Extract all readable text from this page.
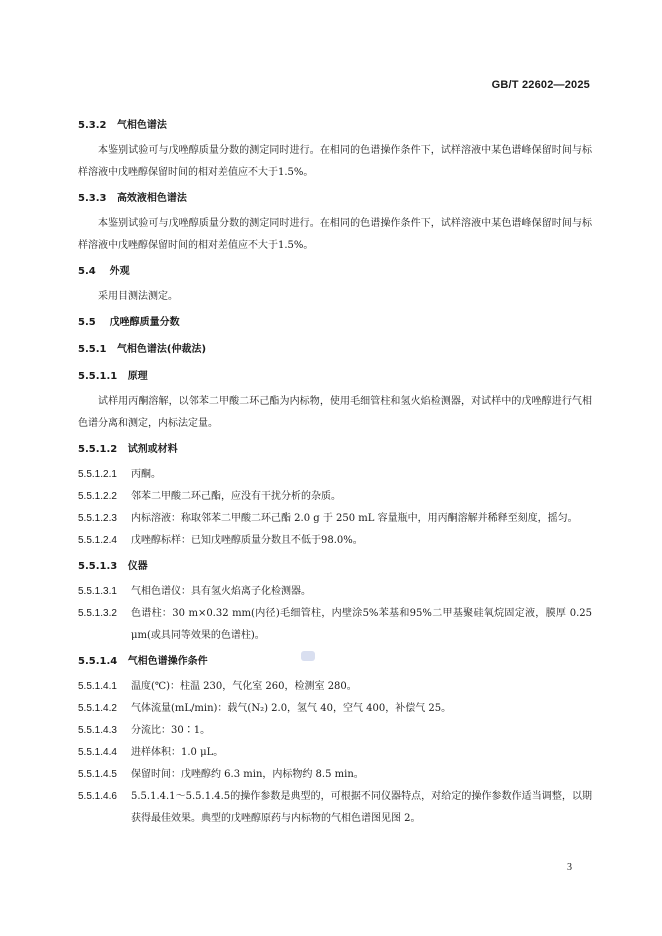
GB/T 22602—2025

5.3.2 气相色谱法

本鉴别试验可与戊唑醇质量分数的测定同时进行。在相同的色谱操作条件下，试样溶液中某色谱峰保留时间与标样溶液中戊唑醇保留时间的相对差值应不大于1.5%。

5.3.3 高效液相色谱法

本鉴别试验可与戊唑醇质量分数的测定同时进行。在相同的色谱操作条件下，试样溶液中某色谱峰保留时间与标样溶液中戊唑醇保留时间的相对差值应不大于1.5%。

5.4 外观

采用目测法测定。

5.5 戊唑醇质量分数

5.5.1 气相色谱法(仲裁法)

5.5.1.1 原理

试样用丙酮溶解，以邻苯二甲酸二环己酯为内标物，使用毛细管柱和氢火焰检测器，对试样中的戊唑醇进行气相色谱分离和测定，内标法定量。

5.5.1.2 试剂或材料

5.5.1.2.1	丙酮。
5.5.1.2.2	邻苯二甲酸二环己酯，应没有干扰分析的杂质。
5.5.1.2.3	内标溶液：称取邻苯二甲酸二环己酯 2.0 g 于 250 mL 容量瓶中，用丙酮溶解并稀释至刻度，摇匀。
5.5.1.2.4	戊唑醇标样：已知戊唑醇质量分数且不低于98.0%。

5.5.1.3 仪器

5.5.1.3.1	气相色谱仪：具有氢火焰离子化检测器。
5.5.1.3.2	色谱柱：30 m×0.32 mm(内径)毛细管柱，内壁涂5%苯基和95%二甲基聚硅氧烷固定液，膜厚 0.25 μm(或具同等效果的色谱柱)。

5.5.1.4 气相色谱操作条件

5.5.1.4.1	温度(℃)：柱温 230，气化室 260，检测室 280。
5.5.1.4.2	气体流量(mL/min)：载气(N₂) 2.0，氢气 40，空气 400，补偿气 25。
5.5.1.4.3	分流比：30∶1。
5.5.1.4.4	进样体积：1.0 μL。
5.5.1.4.5	保留时间：戊唑醇约 6.3 min，内标物约 8.5 min。
5.5.1.4.6	5.5.1.4.1～5.5.1.4.5的操作参数是典型的，可根据不同仪器特点，对给定的操作参数作适当调整，以期获得最佳效果。典型的戊唑醇原药与内标物的气相色谱图见图 2。
3
